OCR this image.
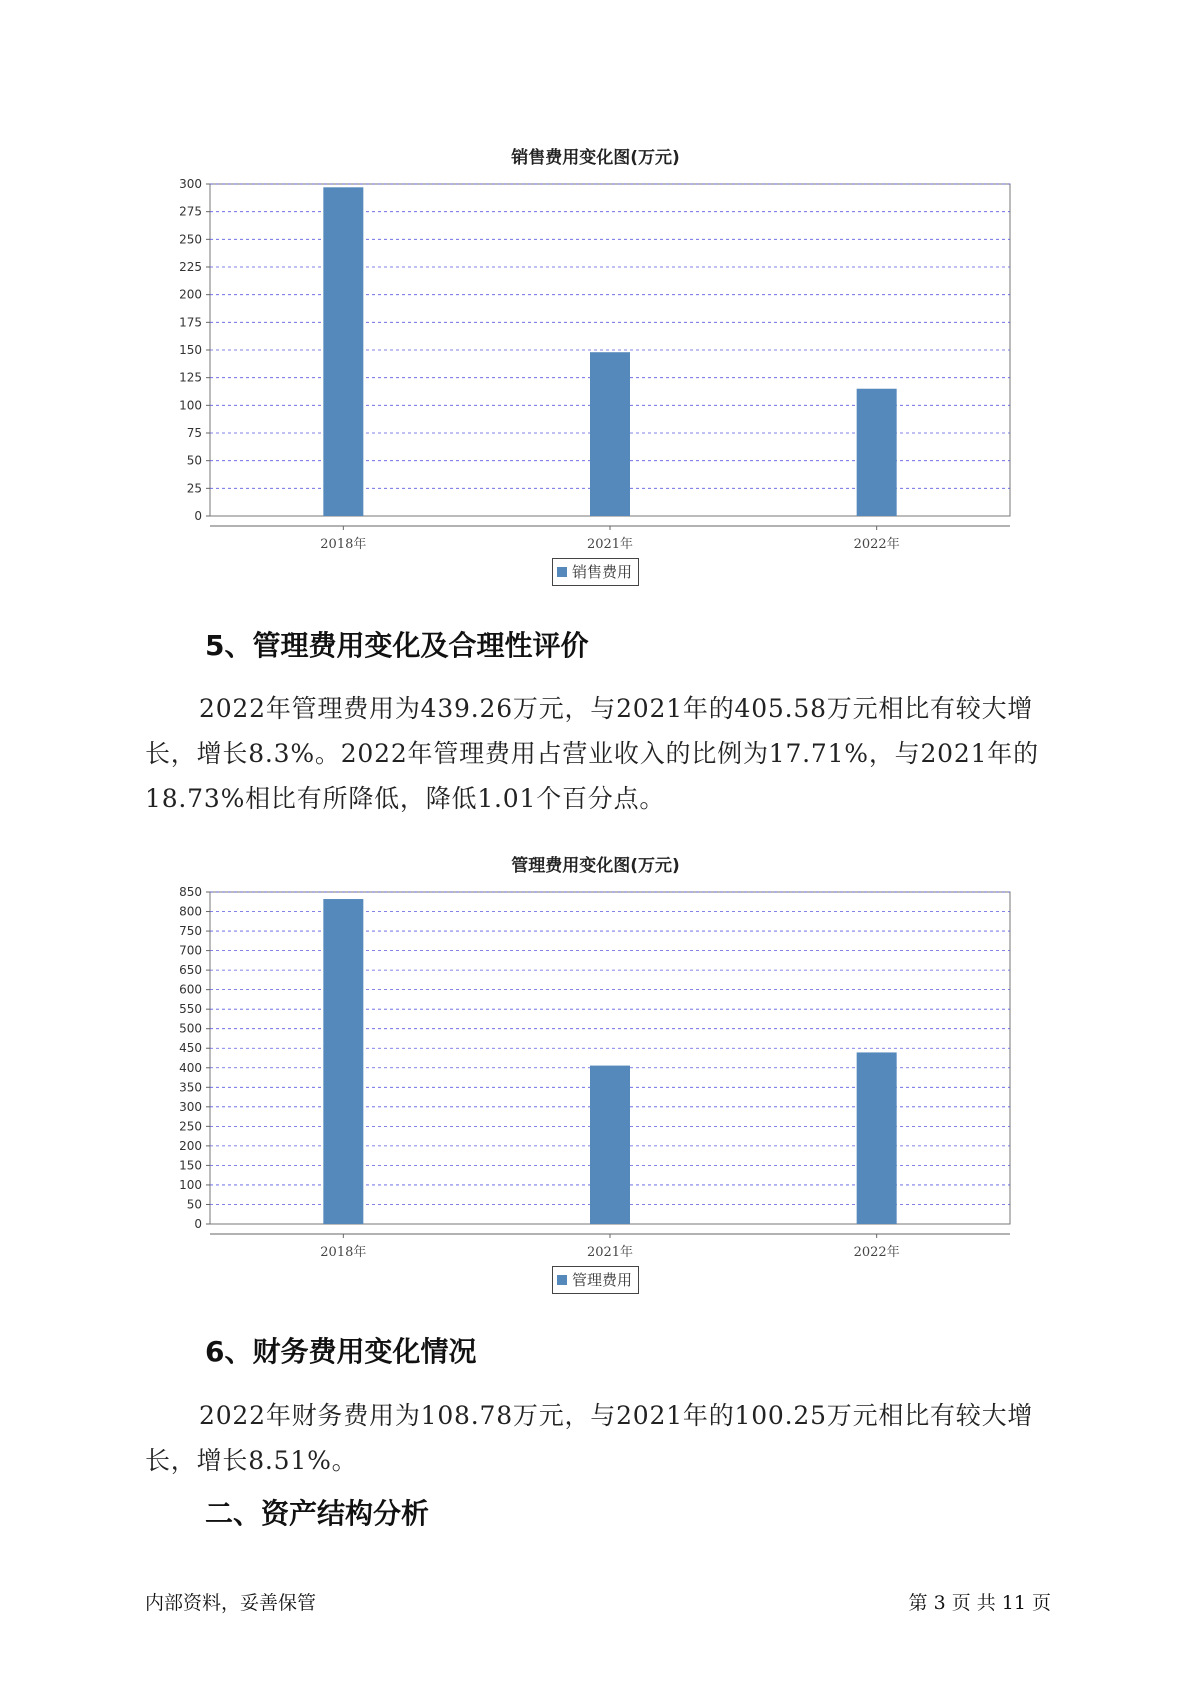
销售费用变化图(万元)
0
25
50
75
100
125
150
175
200
225
250
275
300
2018年	2021年	2022年
销售费用
5、管理费用变化及合理性评价

2022年管理费用为439.26万元，与2021年的405.58万元相比有较大增长，增长8.3%。2022年管理费用占营业收入的比例为17.71%，与2021年的18.73%相比有所降低，降低1.01个百分点。

管理费用变化图(万元)
0
50
100
150
200
250
300
350
400
450
500
550
600
650
700
750
800
850
2018年	2021年	2022年
管理费用
6、财务费用变化情况

2022年财务费用为108.78万元，与2021年的100.25万元相比有较大增长，增长8.51%。

二、资产结构分析
内部资料，妥善保管	第 3 页 共 11 页
